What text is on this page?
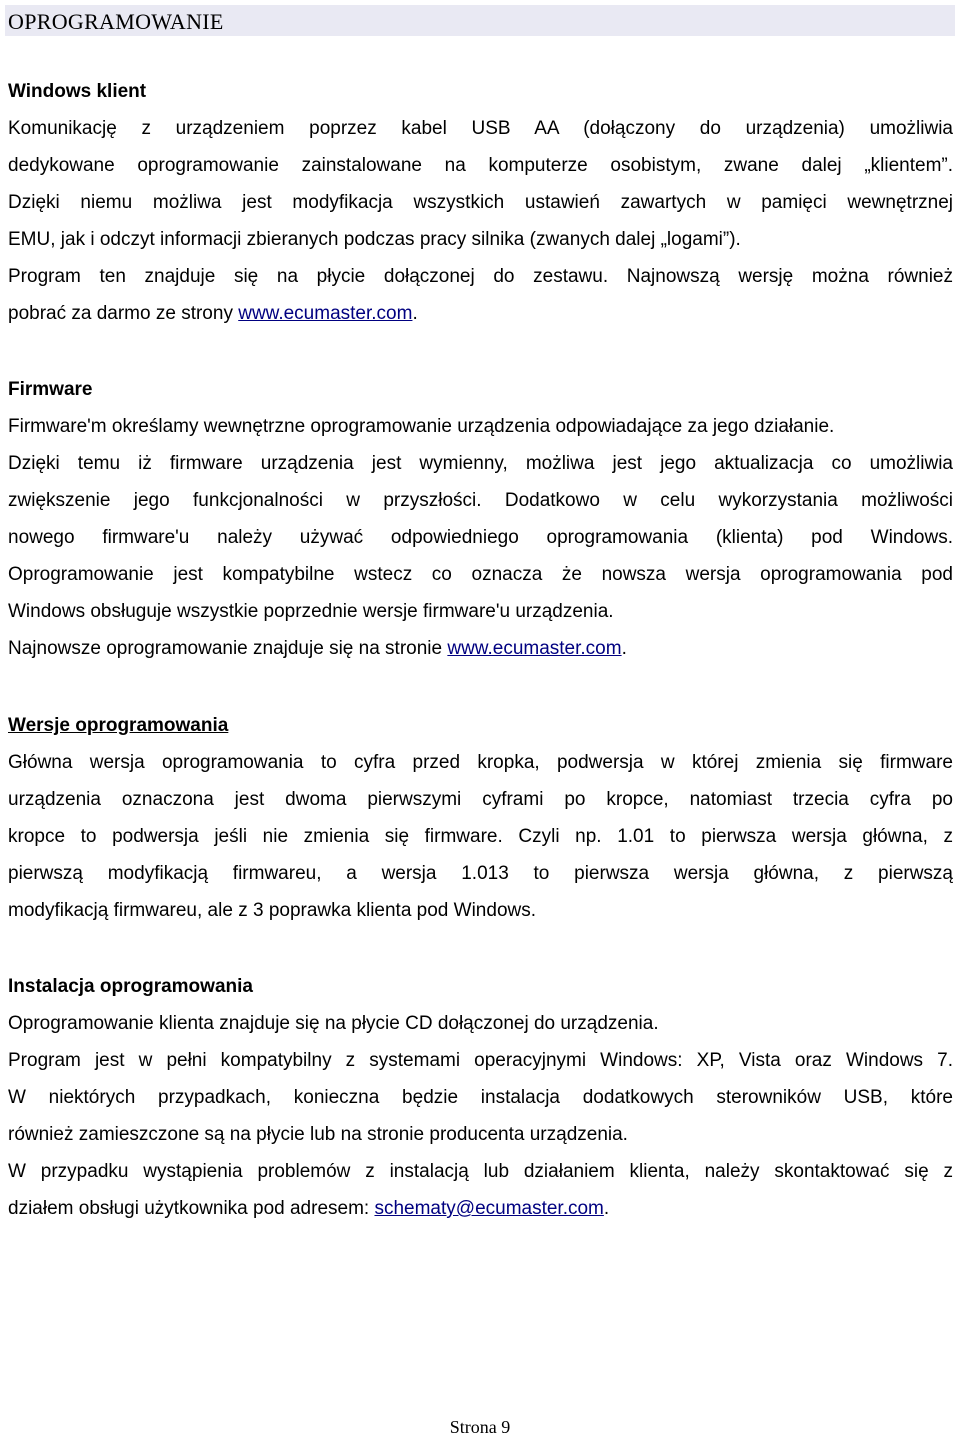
OPROGRAMOWANIE
Windows klient
Komunikację z urządzeniem poprzez kabel USB AA (dołączony do urządzenia) umożliwia
dedykowane oprogramowanie zainstalowane na komputerze osobistym, zwane dalej „klientem”.
Dzięki niemu możliwa jest modyfikacja wszystkich ustawień zawartych w pamięci wewnętrznej
EMU, jak i odczyt informacji zbieranych podczas pracy silnika (zwanych dalej „logami”).
Program ten znajduje się na płycie dołączonej do zestawu. Najnowszą wersję można również
pobrać za darmo ze strony www.ecumaster.com.
Firmware
Firmware'm określamy wewnętrzne oprogramowanie urządzenia odpowiadające za jego działanie.
Dzięki temu iż firmware urządzenia jest wymienny, możliwa jest jego aktualizacja co umożliwia
zwiększenie jego funkcjonalności w przyszłości. Dodatkowo w celu wykorzystania możliwości
nowego firmware'u należy używać odpowiedniego oprogramowania (klienta) pod Windows.
Oprogramowanie jest kompatybilne wstecz co oznacza że nowsza wersja oprogramowania pod
Windows obsługuje wszystkie poprzednie wersje firmware'u urządzenia.
Najnowsze oprogramowanie znajduje się na stronie www.ecumaster.com.
Wersje oprogramowania
Główna wersja oprogramowania to cyfra przed kropka, podwersja w której zmienia się firmware
urządzenia oznaczona jest dwoma pierwszymi cyframi po kropce, natomiast trzecia cyfra po
kropce to podwersja jeśli nie zmienia się firmware. Czyli np. 1.01 to pierwsza wersja główna, z
pierwszą modyfikacją firmwareu, a wersja 1.013 to pierwsza wersja główna, z pierwszą
modyfikacją firmwareu, ale z 3 poprawka klienta pod Windows.
Instalacja oprogramowania
Oprogramowanie klienta znajduje się na płycie CD dołączonej do urządzenia.
Program jest w pełni kompatybilny z systemami operacyjnymi Windows: XP, Vista oraz Windows 7.
W niektórych przypadkach, konieczna będzie instalacja dodatkowych sterowników USB, które
również zamieszczone są na płycie lub na stronie producenta urządzenia.
W przypadku wystąpienia problemów z instalacją lub działaniem klienta, należy skontaktować się z
działem obsługi użytkownika pod adresem: schematy@ecumaster.com.
Strona 9
